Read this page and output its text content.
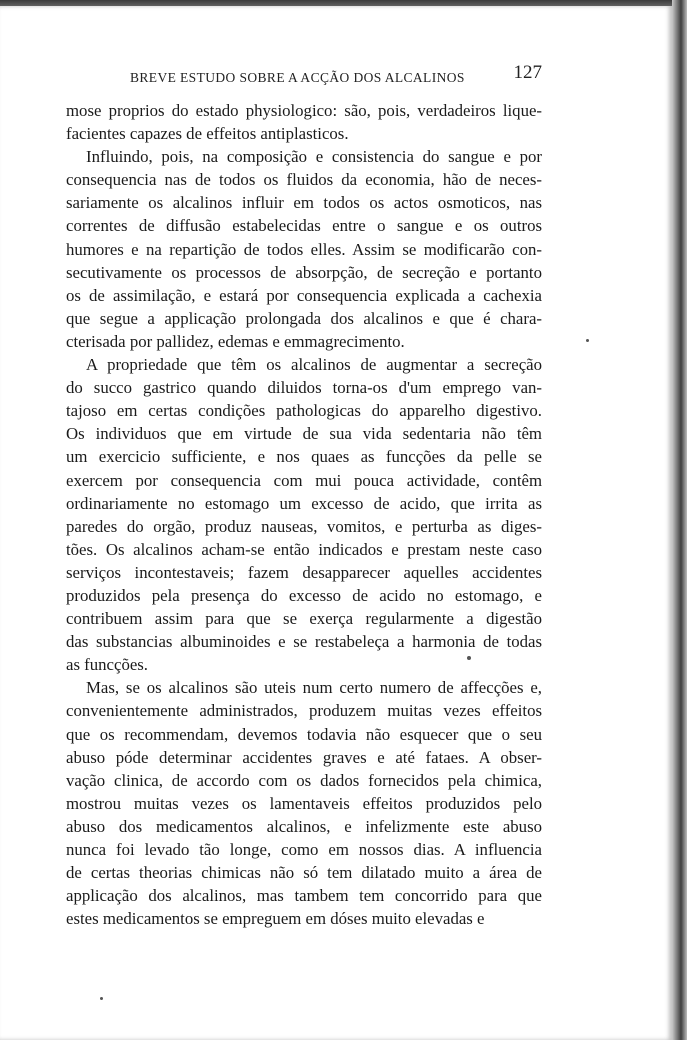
BREVE ESTUDO SOBRE A ACÇÃO DOS ALCALINOS	127

mose proprios do estado physiologico: são, pois, verdadeiros lique-

facientes capazes de effeitos antiplasticos.

Influindo, pois, na composição e consistencia do sangue e por

consequencia nas de todos os fluidos da economia, hão de neces-

sariamente os alcalinos influir em todos os actos osmoticos, nas

correntes de diffusão estabelecidas entre o sangue e os outros

humores e na repartição de todos elles. Assim se modificarão con-

secutivamente os processos de absorpção, de secreção e portanto

os de assimilação, e estará por consequencia explicada a cachexia

que segue a applicação prolongada dos alcalinos e que é chara-

cterisada por pallidez, edemas e emmagrecimento.

A propriedade que têm os alcalinos de augmentar a secreção

do succo gastrico quando diluidos torna-os d'um emprego van-

tajoso em certas condições pathologicas do apparelho digestivo.

Os individuos que em virtude de sua vida sedentaria não têm

um exercicio sufficiente, e nos quaes as funcções da pelle se

exercem por consequencia com mui pouca actividade, contêm

ordinariamente no estomago um excesso de acido, que irrita as

paredes do orgão, produz nauseas, vomitos, e perturba as diges-

tões. Os alcalinos acham-se então indicados e prestam neste caso

serviços incontestaveis; fazem desapparecer aquelles accidentes

produzidos pela presença do excesso de acido no estomago, e

contribuem assim para que se exerça regularmente a digestão

das substancias albuminoides e se restabeleça a harmonia de todas

as funcções.

Mas, se os alcalinos são uteis num certo numero de affecções e,

convenientemente administrados, produzem muitas vezes effeitos

que os recommendam, devemos todavia não esquecer que o seu

abuso póde determinar accidentes graves e até fataes. A obser-

vação clinica, de accordo com os dados fornecidos pela chimica,

mostrou muitas vezes os lamentaveis effeitos produzidos pelo

abuso dos medicamentos alcalinos, e infelizmente este abuso

nunca foi levado tão longe, como em nossos dias. A influencia

de certas theorias chimicas não só tem dilatado muito a área de

applicação dos alcalinos, mas tambem tem concorrido para que

estes medicamentos se empreguem em dóses muito elevadas e
